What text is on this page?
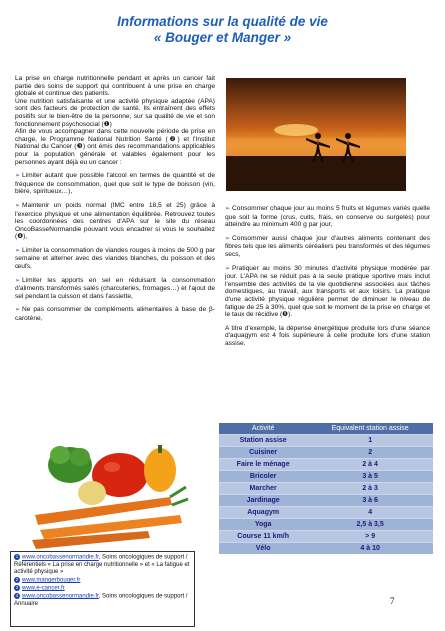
Informations sur la qualité de vie
« Bouger et Manger »

La prise en charge nutritionnelle pendant et après un cancer fait partie des soins de support qui contribuent à une prise en charge globale et continue des patients.

Une nutrition satisfaisante et une activité physique adaptée (APA) sont des facteurs de protection de santé. Ils entraînent des effets positifs sur le bien-être de la personne, sur sa qualité de vie et son fonctionnement psychosocial (❶)

Afin de vous accompagner dans cette nouvelle période de prise en charge, le Programme National Nutrition Santé (❷) et l'Institut National du Cancer (❸) ont émis des recommandations applicables pour la population générale et valables également pour les personnes ayant déjà eu un cancer :

➢ Limiter autant que possible l'alcool en termes de quantité et de fréquence de consommation, quel que soit le type de boisson (vin, bière, spiritueux…),

➢ Maintenir un poids normal (IMC entre 18,5 et 25) grâce à l'exercice physique et une alimentation équilibrée. Retrouvez toutes les coordonnées des centres d'APA sur le site du réseau OncoBasseNormandie pouvant vous encadrer si vous le souhaitez (❹),

➢ Limiter la consommation de viandes rouges à moins de 500 g par semaine et alterner avec des viandes blanches, du poisson et des œufs,

➢ Limiter les apports en sel en réduisant la consommation d'aliments transformés salés (charcuteries, fromages…) et l'ajout de sel pendant la cuisson et dans l'assiette,

➢ Ne pas consommer de compléments alimentaires à base de β-carotène,

➢ Consommer chaque jour au moins 5 fruits et légumes variés quelle que soit la forme (crus, cuits, frais, en conserve ou surgelés) pour atteindre au minimum 400 g par jour,

➢ Consommer aussi chaque jour d'autres aliments contenant des fibres tels que les aliments céréaliers peu transformés et des légumes secs,

➢ Pratiquer au moins 30 minutes d'activité physique modérée par jour. L'APA ne se réduit pas à la seule pratique sportive mais inclut l'ensemble des activités de la vie quotidienne associées aux tâches domestiques, au travail, aux transports et aux loisirs. La pratique d'une activité physique régulière permet de diminuer le niveau de fatigue de 25 à 30%, quel que soit le moment de la prise en charge et le taux de récidive (❺).

A titre d'exemple, la dépense énergétique produite lors d'une séance d'aquagym est 4 fois supérieure à celle produite lors d'une station assise.

1 www.oncobassenormandie.fr, Soins oncologiques de support / Référentiels « La prise en charge nutritionnelle » et « La fatigue et activité physique »
2 www.mangerbouger.fr
3 www.e-cancer.fr
4 www.oncobassenormandie.fr, Soins oncologiques de support / Annuaire
Activité	Equivalent station assise
Station assise	1
Cuisiner	2
Faire le ménage	2 à 4
Bricoler	3 à 5
Marcher	2 à 3
Jardinage	3 à 6
Aquagym	4
Yoga	2,5 à 3,5
Course 11 km/h	> 9
Vélo	4 à 10
7
